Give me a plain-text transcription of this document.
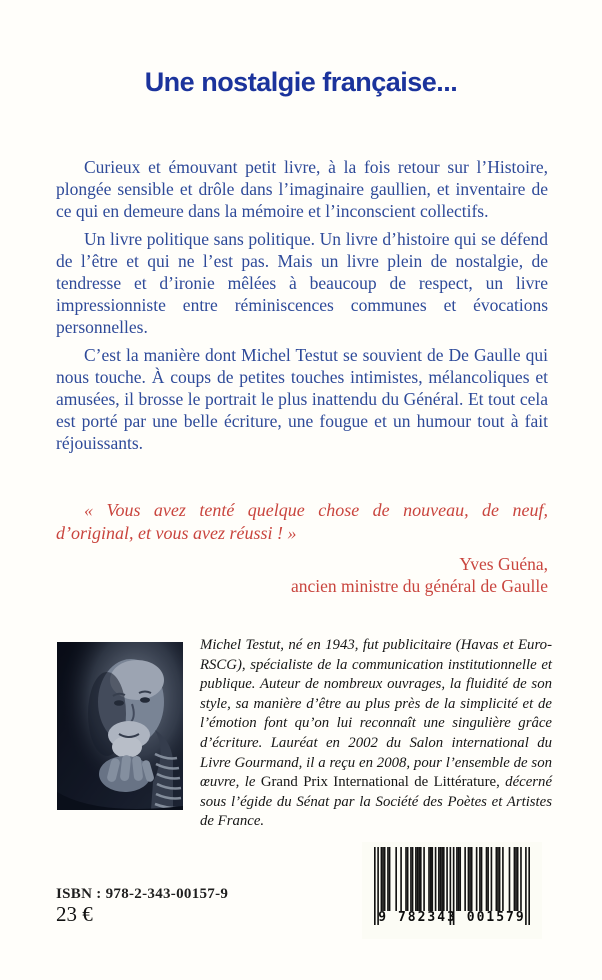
Une nostalgie française...

Curieux et émouvant petit livre, à la fois retour sur l’Histoire, plongée sensible et drôle dans l’imaginaire gaullien, et inventaire de ce qui en demeure dans la mémoire et l’inconscient collectifs.

Un livre politique sans politique. Un livre d’histoire qui se défend de l’être et qui ne l’est pas. Mais un livre plein de nostalgie, de tendresse et d’ironie mêlées à beaucoup de respect, un livre impressionniste entre réminiscences communes et évocations personnelles.

C’est la manière dont Michel Testut se souvient de De Gaulle qui nous touche. À coups de petites touches intimistes, mélancoliques et amusées, il brosse le portrait le plus inattendu du Général. Et tout cela est porté par une belle écriture, une fougue et un humour tout à fait réjouissants.

« Vous avez tenté quelque chose de nouveau, de neuf, d’original, et vous avez réussi ! »

Yves Guéna,
ancien ministre du général de Gaulle

Michel Testut, né en 1943, fut publicitaire (Havas et Euro-RSCG), spécialiste de la communication institutionnelle et publique. Auteur de nombreux ouvrages, la fluidité de son style, sa manière d’être au plus près de la simplicité et de l’émotion font qu’on lui reconnaît une singulière grâce d’écriture. Lauréat en 2002 du Salon international du Livre Gourmand, il a reçu en 2008, pour l’ensemble de son œuvre, le Grand Prix International de Littérature, décerné sous l’égide du Sénat par la Société des Poètes et Artistes de France.

ISBN : 978-2-343-00157-9
23 €	9 782343 001579
